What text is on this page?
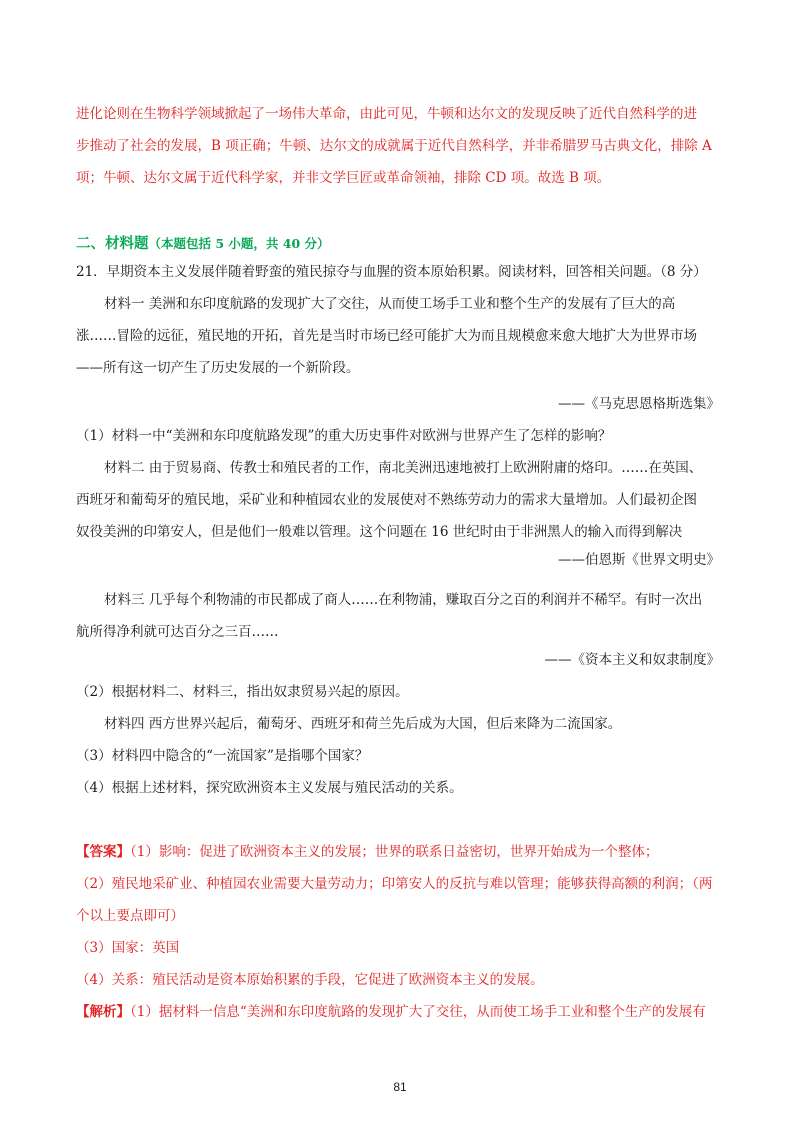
进化论则在生物科学领域掀起了一场伟大革命，由此可见，牛顿和达尔文的发现反映了近代自然科学的进
步推动了社会的发展，B 项正确；牛顿、达尔文的成就属于近代自然科学，并非希腊罗马古典文化，排除 A
项；牛顿、达尔文属于近代科学家，并非文学巨匠或革命领袖，排除 CD 项。故选 B 项。
二、材料题（本题包括 5 小题，共 40 分）
21．早期资本主义发展伴随着野蛮的殖民掠夺与血腥的资本原始积累。阅读材料，回答相关问题。（8 分）
材料一 美洲和东印度航路的发现扩大了交往，从而使工场手工业和整个生产的发展有了巨大的高
涨……冒险的远征，殖民地的开拓，首先是当时市场已经可能扩大为而且规模愈来愈大地扩大为世界市场
——所有这一切产生了历史发展的一个新阶段。
——《马克思恩格斯选集》
（1）材料一中“美洲和东印度航路发现”的重大历史事件对欧洲与世界产生了怎样的影响？
材料二 由于贸易商、传教士和殖民者的工作，南北美洲迅速地被打上欧洲附庸的烙印。……在英国、
西班牙和葡萄牙的殖民地，采矿业和种植园农业的发展使对不熟练劳动力的需求大量增加。人们最初企图
奴役美洲的印第安人，但是他们一般难以管理。这个问题在 16 世纪时由于非洲黑人的输入而得到解决
——伯恩斯《世界文明史》
材料三 几乎每个利物浦的市民都成了商人……在利物浦，赚取百分之百的利润并不稀罕。有时一次出
航所得净利就可达百分之三百……
——《资本主义和奴隶制度》
（2）根据材料二、材料三，指出奴隶贸易兴起的原因。
材料四 西方世界兴起后，葡萄牙、西班牙和荷兰先后成为大国，但后来降为二流国家。
（3）材料四中隐含的“一流国家”是指哪个国家？
（4）根据上述材料，探究欧洲资本主义发展与殖民活动的关系。
【答案】（1）影响：促进了欧洲资本主义的发展；世界的联系日益密切，世界开始成为一个整体；
（2）殖民地采矿业、种植园农业需要大量劳动力；印第安人的反抗与难以管理；能够获得高额的利润；（两
个以上要点即可）
（3）国家：英国
（4）关系：殖民活动是资本原始积累的手段，它促进了欧洲资本主义的发展。
【解析】（1）据材料一信息“美洲和东印度航路的发现扩大了交往，从而使工场手工业和整个生产的发展有
81
